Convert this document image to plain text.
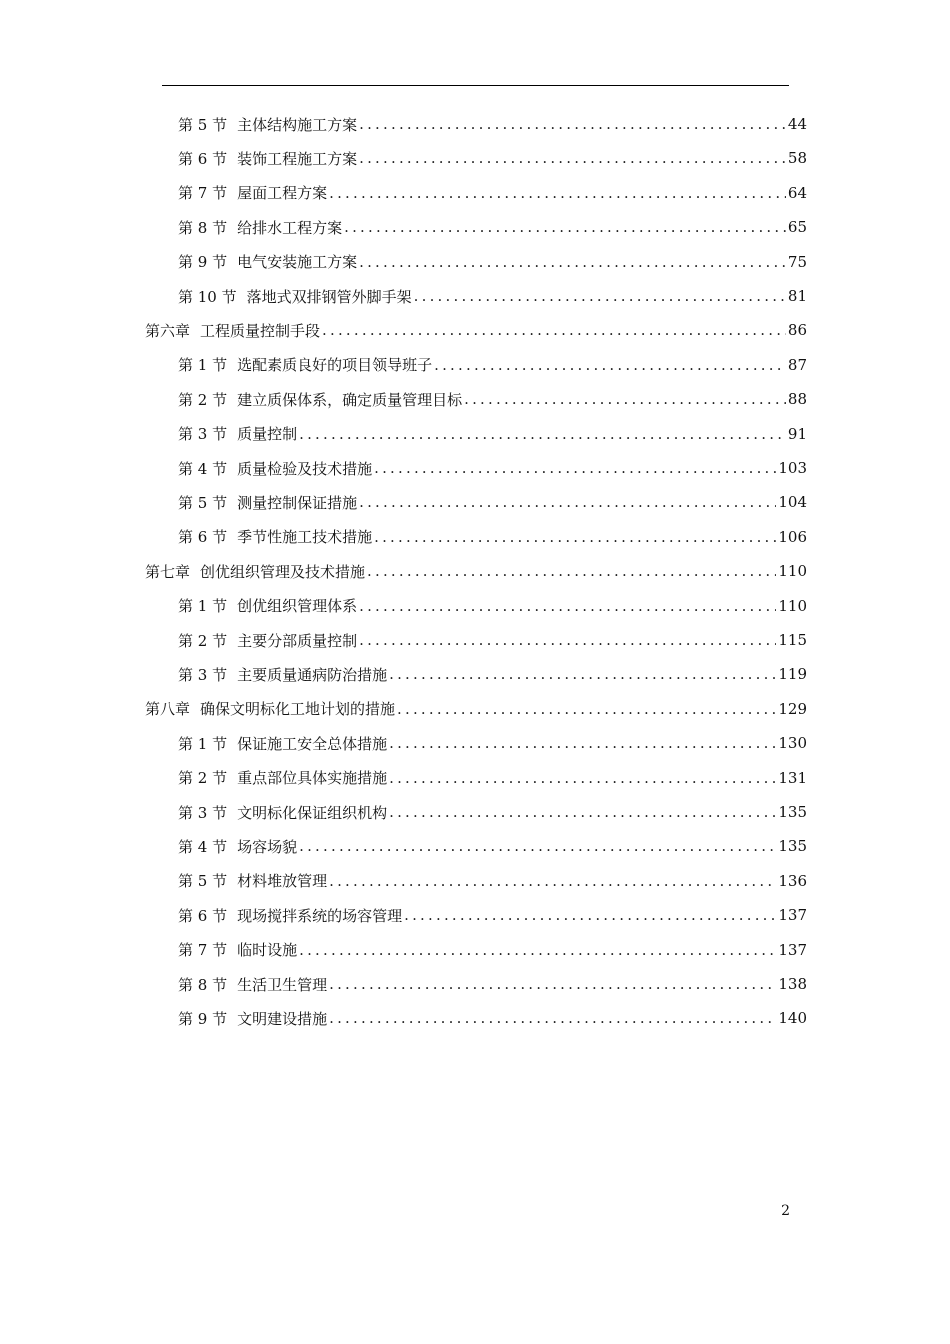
第 5 节 主体结构施工方案 .....	44
第 6 节 装饰工程施工方案 .....	58
第 7 节 屋面工程方案 .....	64
第 8 节 给排水工程方案 .....	65
第 9 节 电气安装施工方案 .....	75
第 10 节 落地式双排钢管外脚手架 .....	81
第六章 工程质量控制手段 .....	86
第 1 节 选配素质良好的项目领导班子 .....	87
第 2 节 建立质保体系，确定质量管理目标 .....	88
第 3 节 质量控制 .....	91
第 4 节 质量检验及技术措施 .....	103
第 5 节 测量控制保证措施 .....	104
第 6 节 季节性施工技术措施 .....	106
第七章 创优组织管理及技术措施 .....	110
第 1 节 创优组织管理体系 .....	110
第 2 节 主要分部质量控制 .....	115
第 3 节 主要质量通病防治措施 .....	119
第八章 确保文明标化工地计划的措施 .....	129
第 1 节 保证施工安全总体措施 .....	130
第 2 节 重点部位具体实施措施 .....	131
第 3 节 文明标化保证组织机构 .....	135
第 4 节 场容场貌 .....	135
第 5 节 材料堆放管理 .....	136
第 6 节 现场搅拌系统的场容管理 .....	137
第 7 节 临时设施 .....	137
第 8 节 生活卫生管理 .....	138
第 9 节 文明建设措施 .....	140
2
